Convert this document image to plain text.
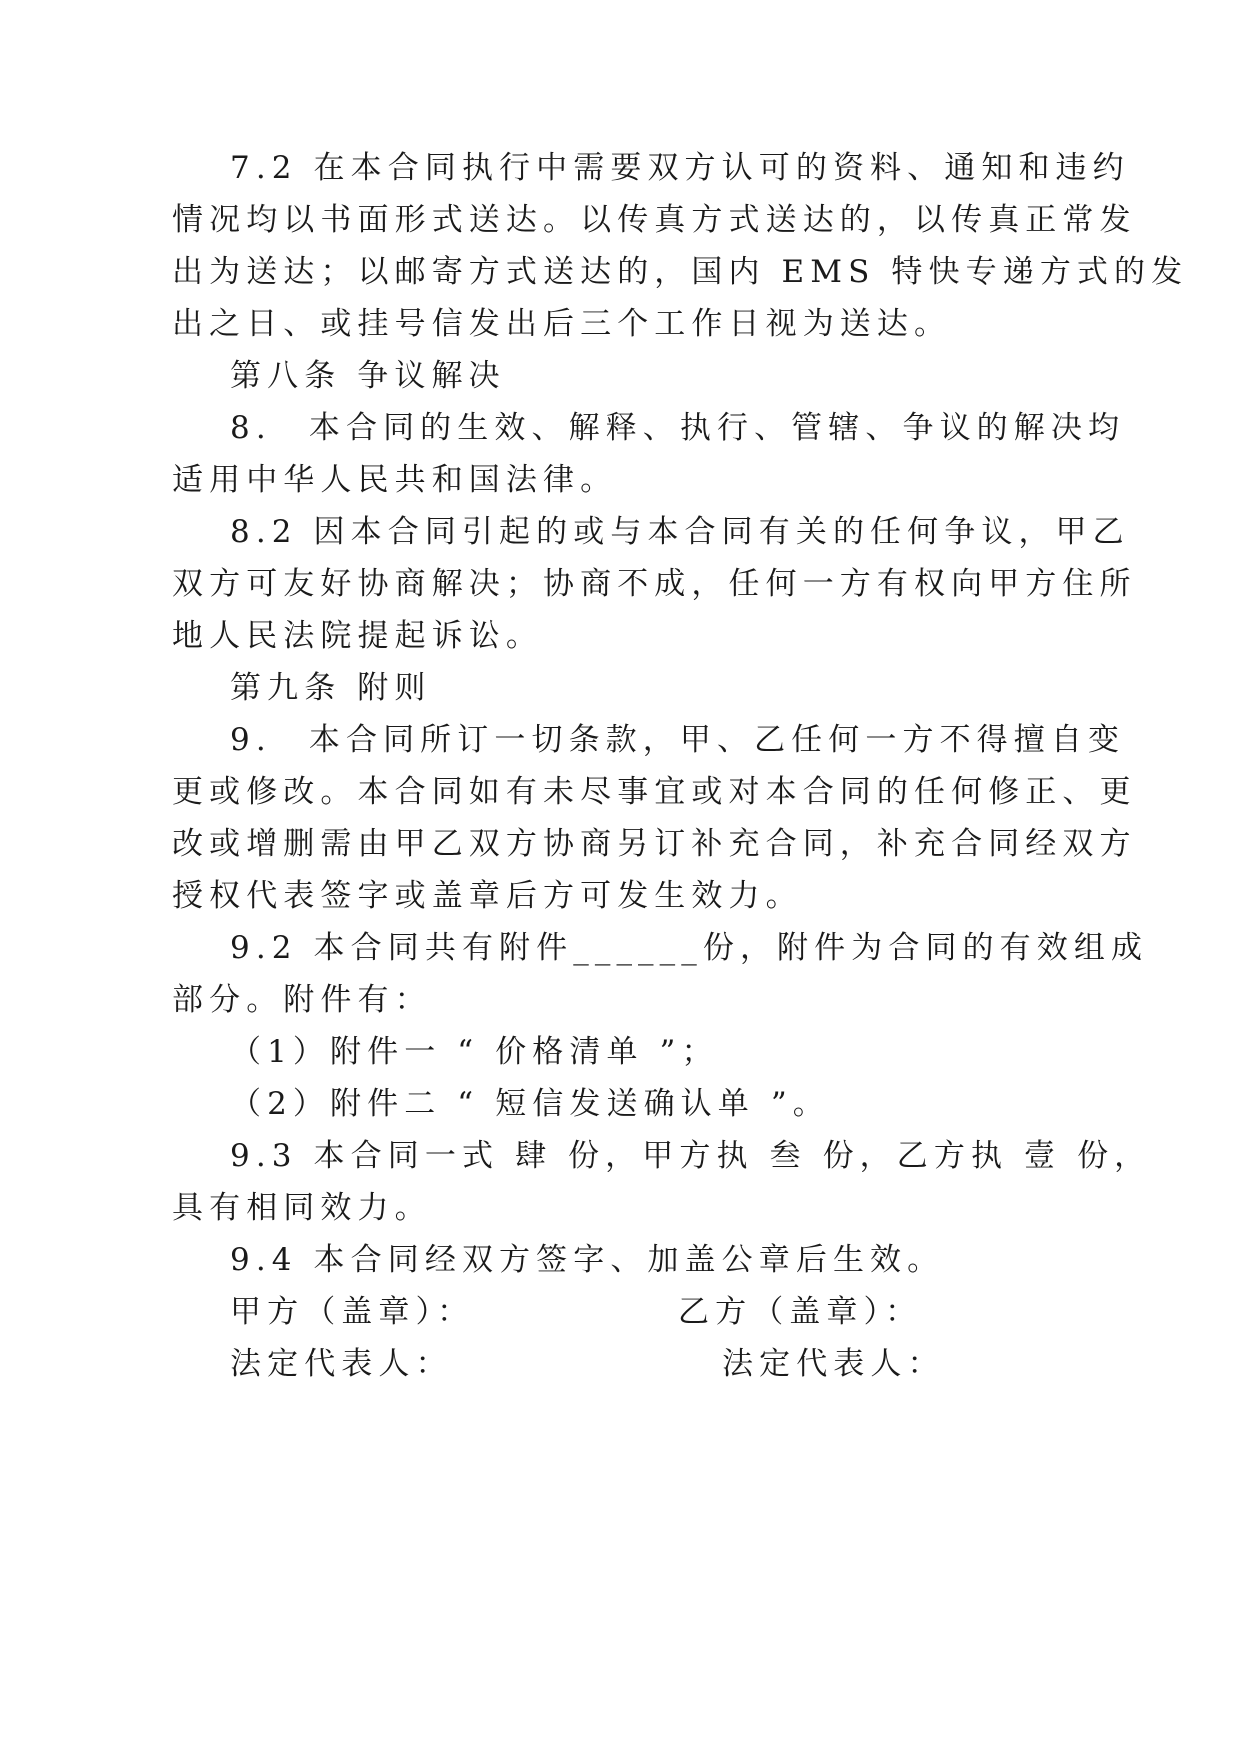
7.2 在本合同执行中需要双方认可的资料、通知和违约
情况均以书面形式送达。以传真方式送达的，以传真正常发
出为送达；以邮寄方式送达的，国内 EMS 特快专递方式的发
出之日、或挂号信发出后三个工作日视为送达。
第八条 争议解决
8.　本合同的生效、解释、执行、管辖、争议的解决均
适用中华人民共和国法律。
8.2 因本合同引起的或与本合同有关的任何争议，甲乙
双方可友好协商解决；协商不成，任何一方有权向甲方住所
地人民法院提起诉讼。
第九条 附则
9.　本合同所订一切条款，甲、乙任何一方不得擅自变
更或修改。本合同如有未尽事宜或对本合同的任何修正、更
改或增删需由甲乙双方协商另订补充合同，补充合同经双方
授权代表签字或盖章后方可发生效力。
9.2 本合同共有附件______份，附件为合同的有效组成
部分。附件有：
（1）附件一 “ 价格清单 ”；
（2）附件二 “ 短信发送确认单 ”。
9.3 本合同一式 肆 份，甲方执 叁 份，乙方执 壹 份，
具有相同效力。
9.4 本合同经双方签字、加盖公章后生效。
甲方（盖章）：	乙方（盖章）：
法定代表人：	法定代表人：
